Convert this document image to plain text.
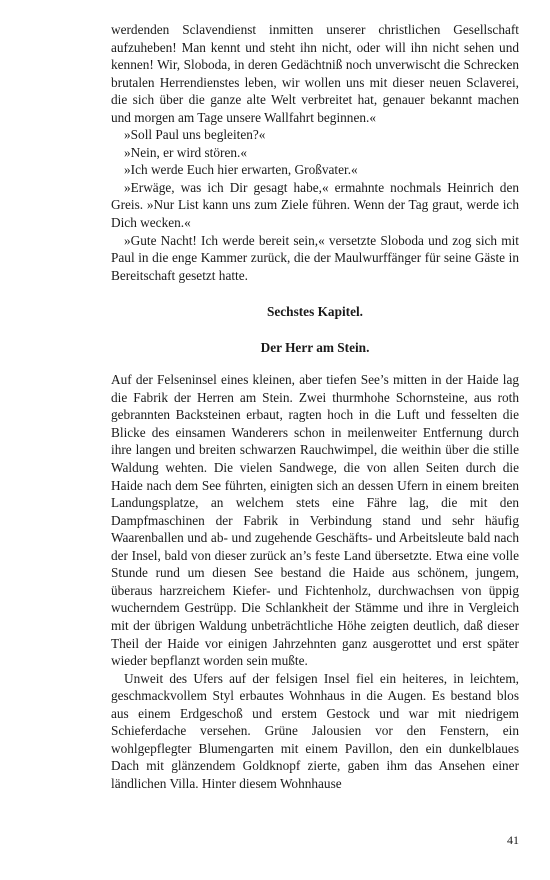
werdenden Sclavendienst inmitten unserer christlichen Gesellschaft aufzuheben! Man kennt und steht ihn nicht, oder will ihn nicht sehen und kennen! Wir, Sloboda, in deren Gedächtniß noch unverwischt die Schrecken brutalen Herrendienstes leben, wir wollen uns mit dieser neuen Sclaverei, die sich über die ganze alte Welt verbreitet hat, genauer bekannt machen und morgen am Tage unsere Wallfahrt beginnen.«

»Soll Paul uns begleiten?«

»Nein, er wird stören.«

»Ich werde Euch hier erwarten, Großvater.«

»Erwäge, was ich Dir gesagt habe,« ermahnte nochmals Heinrich den Greis. »Nur List kann uns zum Ziele führen. Wenn der Tag graut, werde ich Dich wecken.«

»Gute Nacht! Ich werde bereit sein,« versetzte Sloboda und zog sich mit Paul in die enge Kammer zurück, die der Maulwurffänger für seine Gäste in Bereitschaft gesetzt hatte.

Sechstes Kapitel.
Der Herr am Stein.

Auf der Felseninsel eines kleinen, aber tiefen See’s mitten in der Haide lag die Fabrik der Herren am Stein. Zwei thurmhohe Schornsteine, aus roth gebrannten Backsteinen erbaut, ragten hoch in die Luft und fesselten die Blicke des einsamen Wanderers schon in meilenweiter Entfernung durch ihre langen und breiten schwarzen Rauchwimpel, die weithin über die stille Waldung wehten. Die vielen Sandwege, die von allen Seiten durch die Haide nach dem See führten, einigten sich an dessen Ufern in einem breiten Landungsplatze, an welchem stets eine Fähre lag, die mit den Dampfmaschinen der Fabrik in Verbindung stand und sehr häufig Waarenballen und ab- und zugehende Geschäfts- und Arbeitsleute bald nach der Insel, bald von dieser zurück an’s feste Land übersetzte. Etwa eine volle Stunde rund um diesen See bestand die Haide aus schönem, jungem, überaus harzreichem Kiefer- und Fichtenholz, durchwachsen von üppig wucherndem Gestrüpp. Die Schlankheit der Stämme und ihre in Vergleich mit der übrigen Waldung unbeträchtliche Höhe zeigten deutlich, daß dieser Theil der Haide vor einigen Jahrzehnten ganz ausgerottet und erst später wieder bepflanzt worden sein mußte.

Unweit des Ufers auf der felsigen Insel fiel ein heiteres, in leichtem, geschmackvollem Styl erbautes Wohnhaus in die Augen. Es bestand blos aus einem Erdgeschoß und erstem Gestock und war mit niedrigem Schieferdache versehen. Grüne Jalousien vor den Fenstern, ein wohlgepflegter Blumengarten mit einem Pavillon, den ein dunkelblaues Dach mit glänzendem Goldknopf zierte, gaben ihm das Ansehen einer ländlichen Villa. Hinter diesem Wohnhause

41
